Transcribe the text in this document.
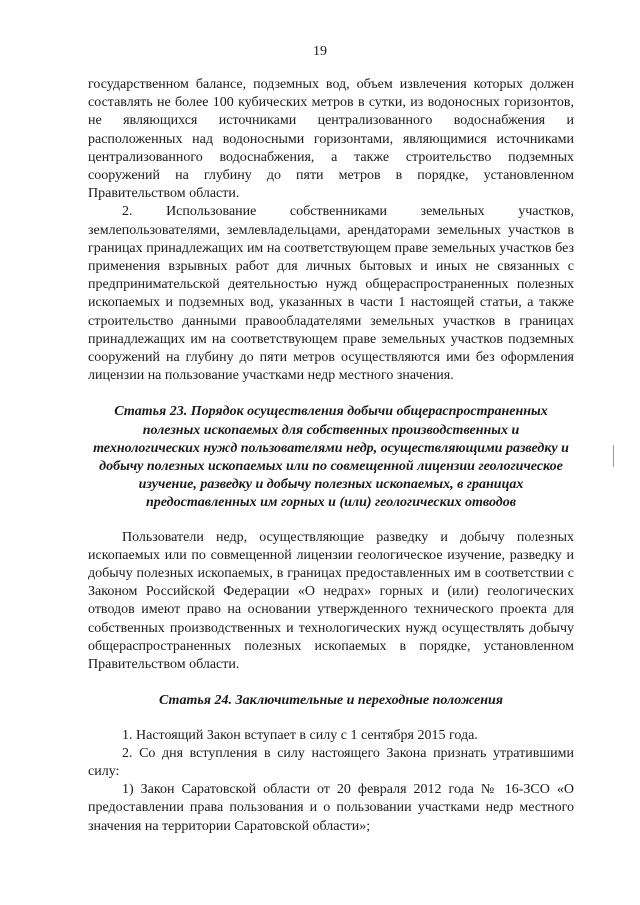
19

государственном балансе, подземных вод, объем извлечения которых должен составлять не более 100 кубических метров в сутки, из водоносных горизонтов, не являющихся источниками централизованного водоснабжения и расположенных над водоносными горизонтами, являющимися источниками централизованного водоснабжения, а также строительство подземных сооружений на глубину до пяти метров в порядке, установленном Правительством области.

2. Использование собственниками земельных участков, землепользователями, землевладельцами, арендаторами земельных участков в границах принадлежащих им на соответствующем праве земельных участков без применения взрывных работ для личных бытовых и иных не связанных с предпринимательской деятельностью нужд общераспространенных полезных ископаемых и подземных вод, указанных в части 1 настоящей статьи, а также строительство данными правообладателями земельных участков в границах принадлежащих им на соответствующем праве земельных участков подземных сооружений на глубину до пяти метров осуществляются ими без оформления лицензии на пользование участками недр местного значения.

Статья 23. Порядок осуществления добычи общераспространенных полезных ископаемых для собственных производственных и технологических нужд пользователями недр, осуществляющими разведку и добычу полезных ископаемых или по совмещенной лицензии геологическое изучение, разведку и добычу полезных ископаемых, в границах предоставленных им горных и (или) геологических отводов

Пользователи недр, осуществляющие разведку и добычу полезных ископаемых или по совмещенной лицензии геологическое изучение, разведку и добычу полезных ископаемых, в границах предоставленных им в соответствии с Законом Российской Федерации «О недрах» горных и (или) геологических отводов имеют право на основании утвержденного технического проекта для собственных производственных и технологических нужд осуществлять добычу общераспространенных полезных ископаемых в порядке, установленном Правительством области.

Статья 24. Заключительные и переходные положения

1. Настоящий Закон вступает в силу с 1 сентября 2015 года.

2. Со дня вступления в силу настоящего Закона признать утратившими силу:

1) Закон Саратовской области от 20 февраля 2012 года № 16-ЗСО «О предоставлении права пользования и о пользовании участками недр местного значения на территории Саратовской области»;
